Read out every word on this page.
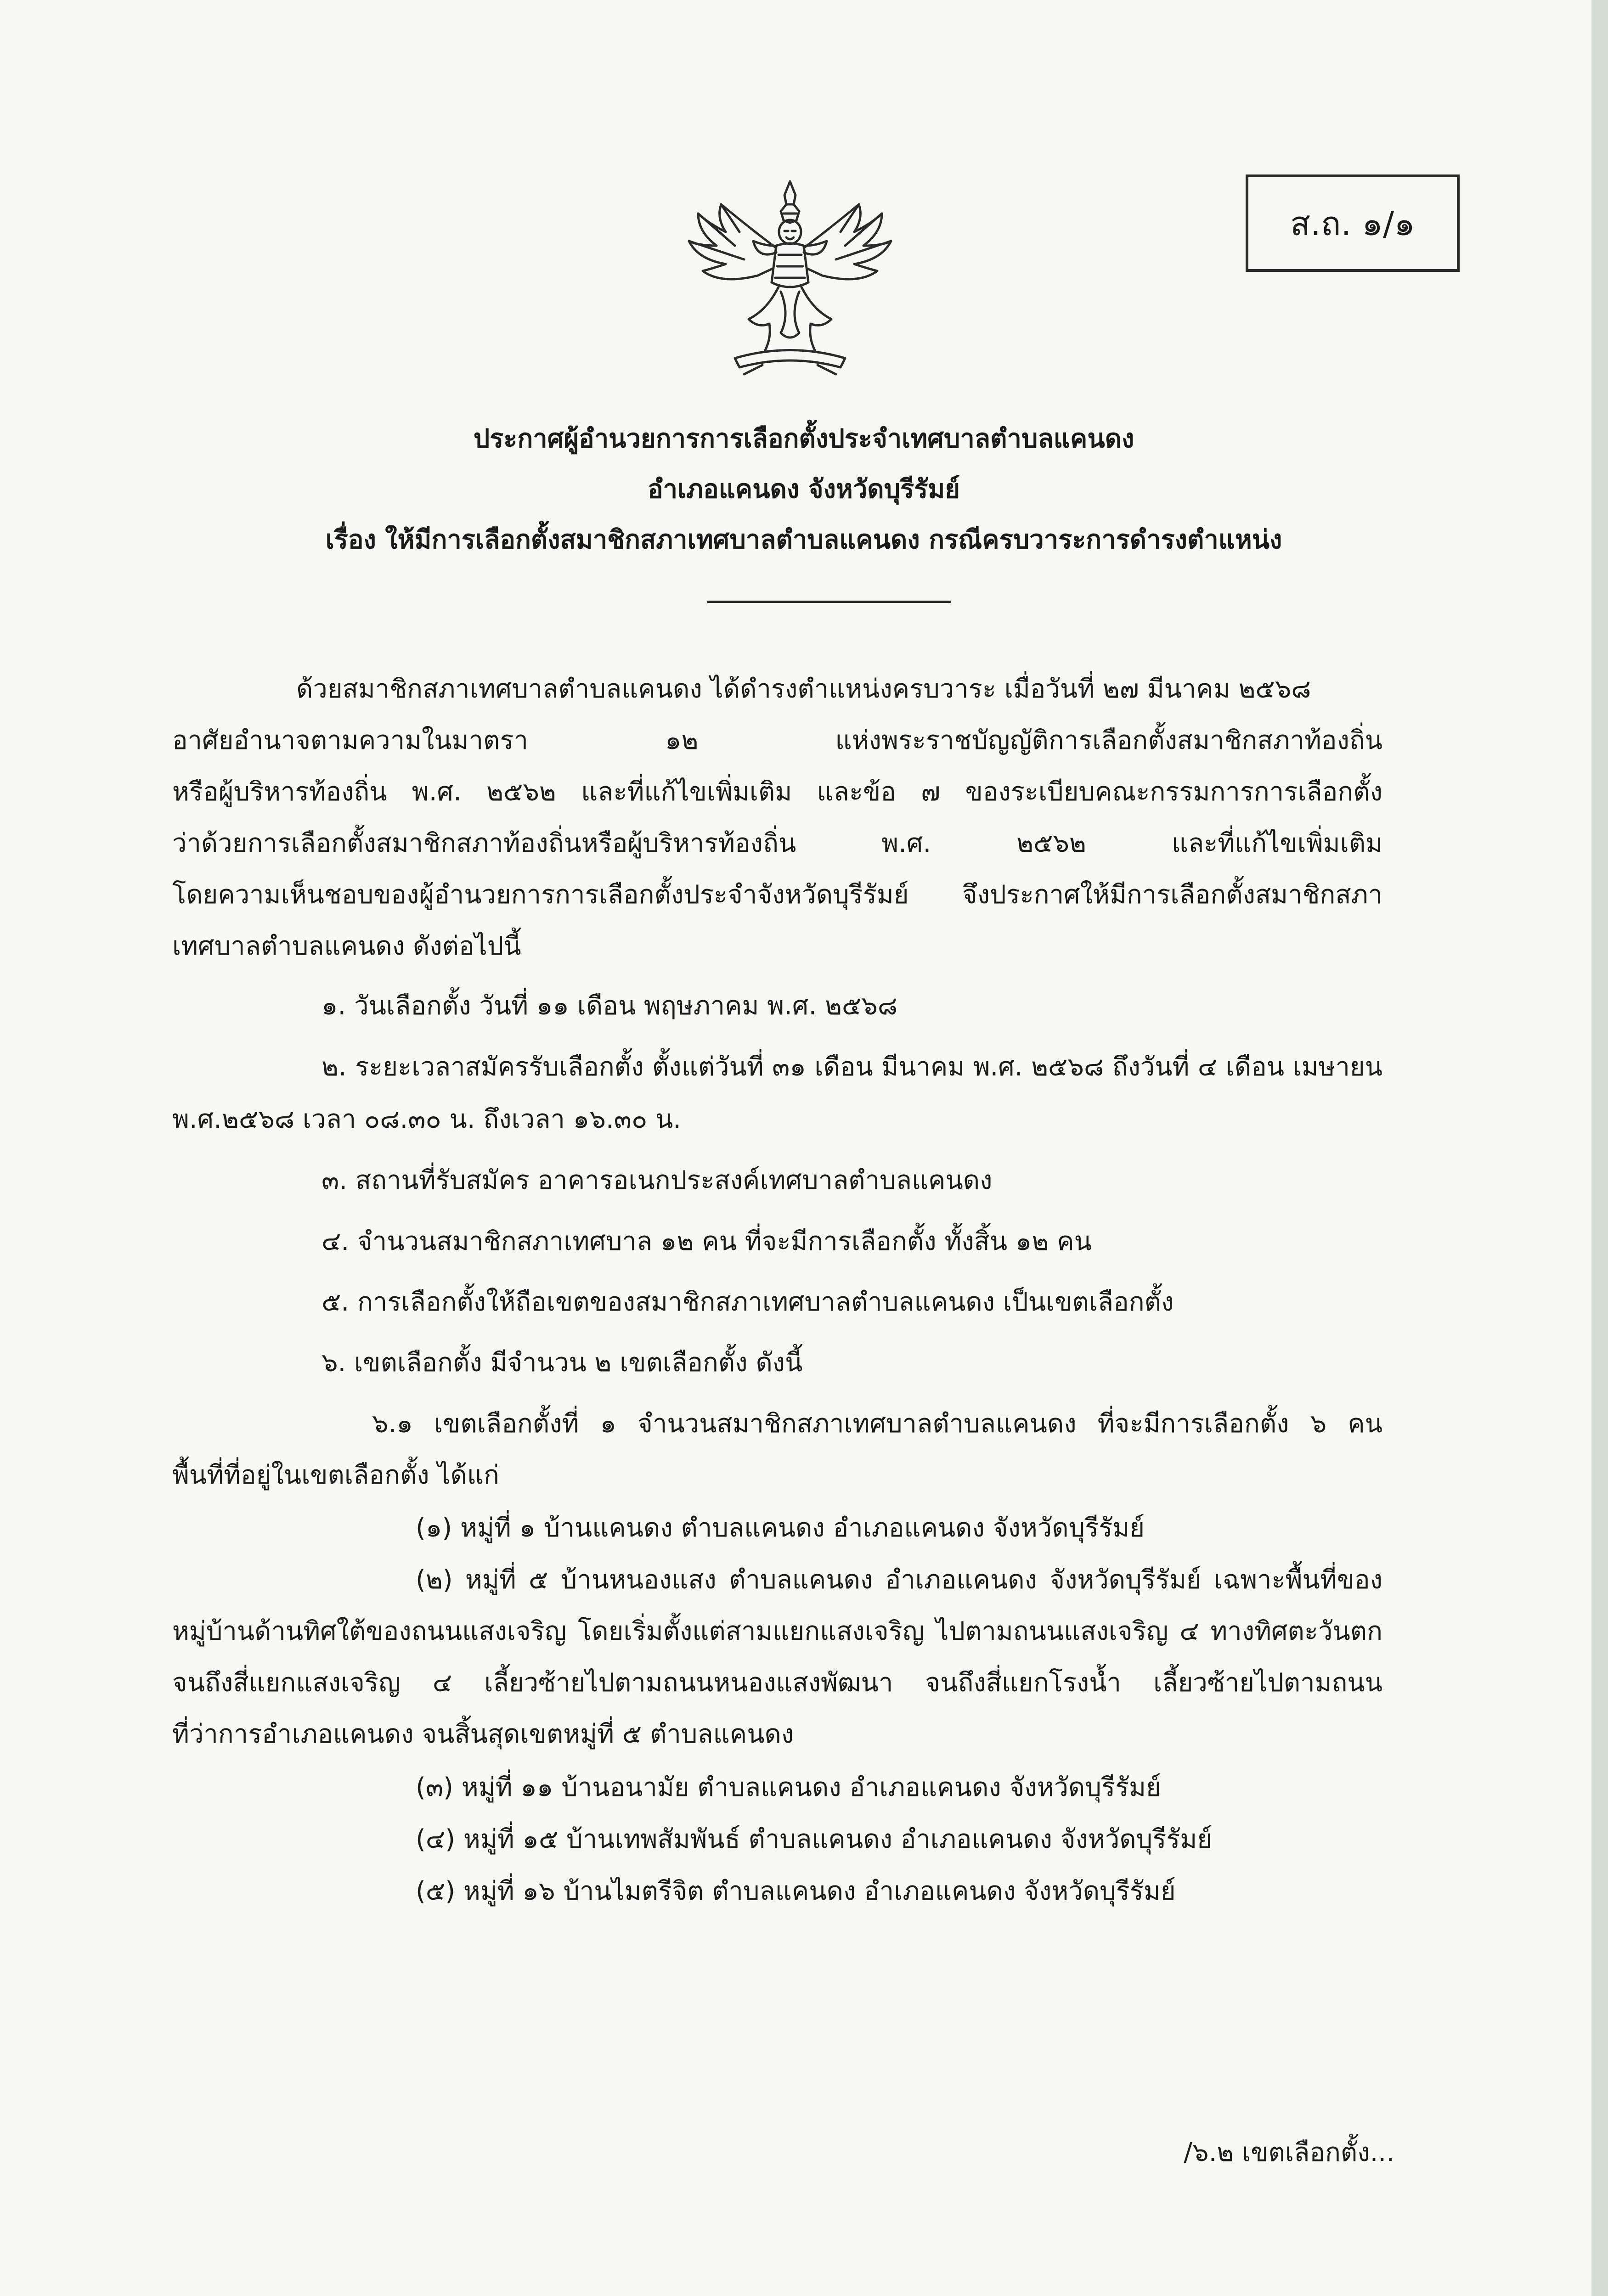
ส.ถ. ๑/๑
ประกาศผู้อำนวยการการเลือกตั้งประจำเทศบาลตำบลแคนดง
อำเภอแคนดง จังหวัดบุรีรัมย์
เรื่อง ให้มีการเลือกตั้งสมาชิกสภาเทศบาลตำบลแคนดง กรณีครบวาระการดำรงตำแหน่ง
ด้วยสมาชิกสภาเทศบาลตำบลแคนดง ได้ดำรงตำแหน่งครบวาระ เมื่อวันที่ ๒๗ มีนาคม ๒๕๖๘
อาศัยอำนาจตามความในมาตรา ๑๒ แห่งพระราชบัญญัติการเลือกตั้งสมาชิกสภาท้องถิ่น
หรือผู้บริหารท้องถิ่น พ.ศ. ๒๕๖๒ และที่แก้ไขเพิ่มเติม และข้อ ๗ ของระเบียบคณะกรรมการการเลือกตั้ง
ว่าด้วยการเลือกตั้งสมาชิกสภาท้องถิ่นหรือผู้บริหารท้องถิ่น พ.ศ. ๒๕๖๒ และที่แก้ไขเพิ่มเติม
โดยความเห็นชอบของผู้อำนวยการการเลือกตั้งประจำจังหวัดบุรีรัมย์ จึงประกาศให้มีการเลือกตั้งสมาชิกสภา
เทศบาลตำบลแคนดง ดังต่อไปนี้
๑. วันเลือกตั้ง วันที่ ๑๑ เดือน พฤษภาคม พ.ศ. ๒๕๖๘
๒. ระยะเวลาสมัครรับเลือกตั้ง ตั้งแต่วันที่ ๓๑ เดือน มีนาคม พ.ศ. ๒๕๖๘ ถึงวันที่ ๔ เดือน เมษายน
พ.ศ.๒๕๖๘ เวลา ๐๘.๓๐ น. ถึงเวลา ๑๖.๓๐ น.
๓. สถานที่รับสมัคร อาคารอเนกประสงค์เทศบาลตำบลแคนดง
๔. จำนวนสมาชิกสภาเทศบาล ๑๒ คน ที่จะมีการเลือกตั้ง ทั้งสิ้น ๑๒ คน
๕. การเลือกตั้งให้ถือเขตของสมาชิกสภาเทศบาลตำบลแคนดง เป็นเขตเลือกตั้ง
๖. เขตเลือกตั้ง มีจำนวน ๒ เขตเลือกตั้ง ดังนี้
๖.๑ เขตเลือกตั้งที่ ๑ จำนวนสมาชิกสภาเทศบาลตำบลแคนดง ที่จะมีการเลือกตั้ง ๖ คน
พื้นที่ที่อยู่ในเขตเลือกตั้ง ได้แก่
(๑) หมู่ที่ ๑ บ้านแคนดง ตำบลแคนดง อำเภอแคนดง จังหวัดบุรีรัมย์
(๒) หมู่ที่ ๕ บ้านหนองแสง ตำบลแคนดง อำเภอแคนดง จังหวัดบุรีรัมย์ เฉพาะพื้นที่ของ
หมู่บ้านด้านทิศใต้ของถนนแสงเจริญ โดยเริ่มตั้งแต่สามแยกแสงเจริญ ไปตามถนนแสงเจริญ ๔ ทางทิศตะวันตก
จนถึงสี่แยกแสงเจริญ ๔ เลี้ยวซ้ายไปตามถนนหนองแสงพัฒนา จนถึงสี่แยกโรงน้ำ เลี้ยวซ้ายไปตามถนน
ที่ว่าการอำเภอแคนดง จนสิ้นสุดเขตหมู่ที่ ๕ ตำบลแคนดง
(๓) หมู่ที่ ๑๑ บ้านอนามัย ตำบลแคนดง อำเภอแคนดง จังหวัดบุรีรัมย์
(๔) หมู่ที่ ๑๕ บ้านเทพสัมพันธ์ ตำบลแคนดง อำเภอแคนดง จังหวัดบุรีรัมย์
(๕) หมู่ที่ ๑๖ บ้านไมตรีจิต ตำบลแคนดง อำเภอแคนดง จังหวัดบุรีรัมย์
/๖.๒ เขตเลือกตั้ง...
